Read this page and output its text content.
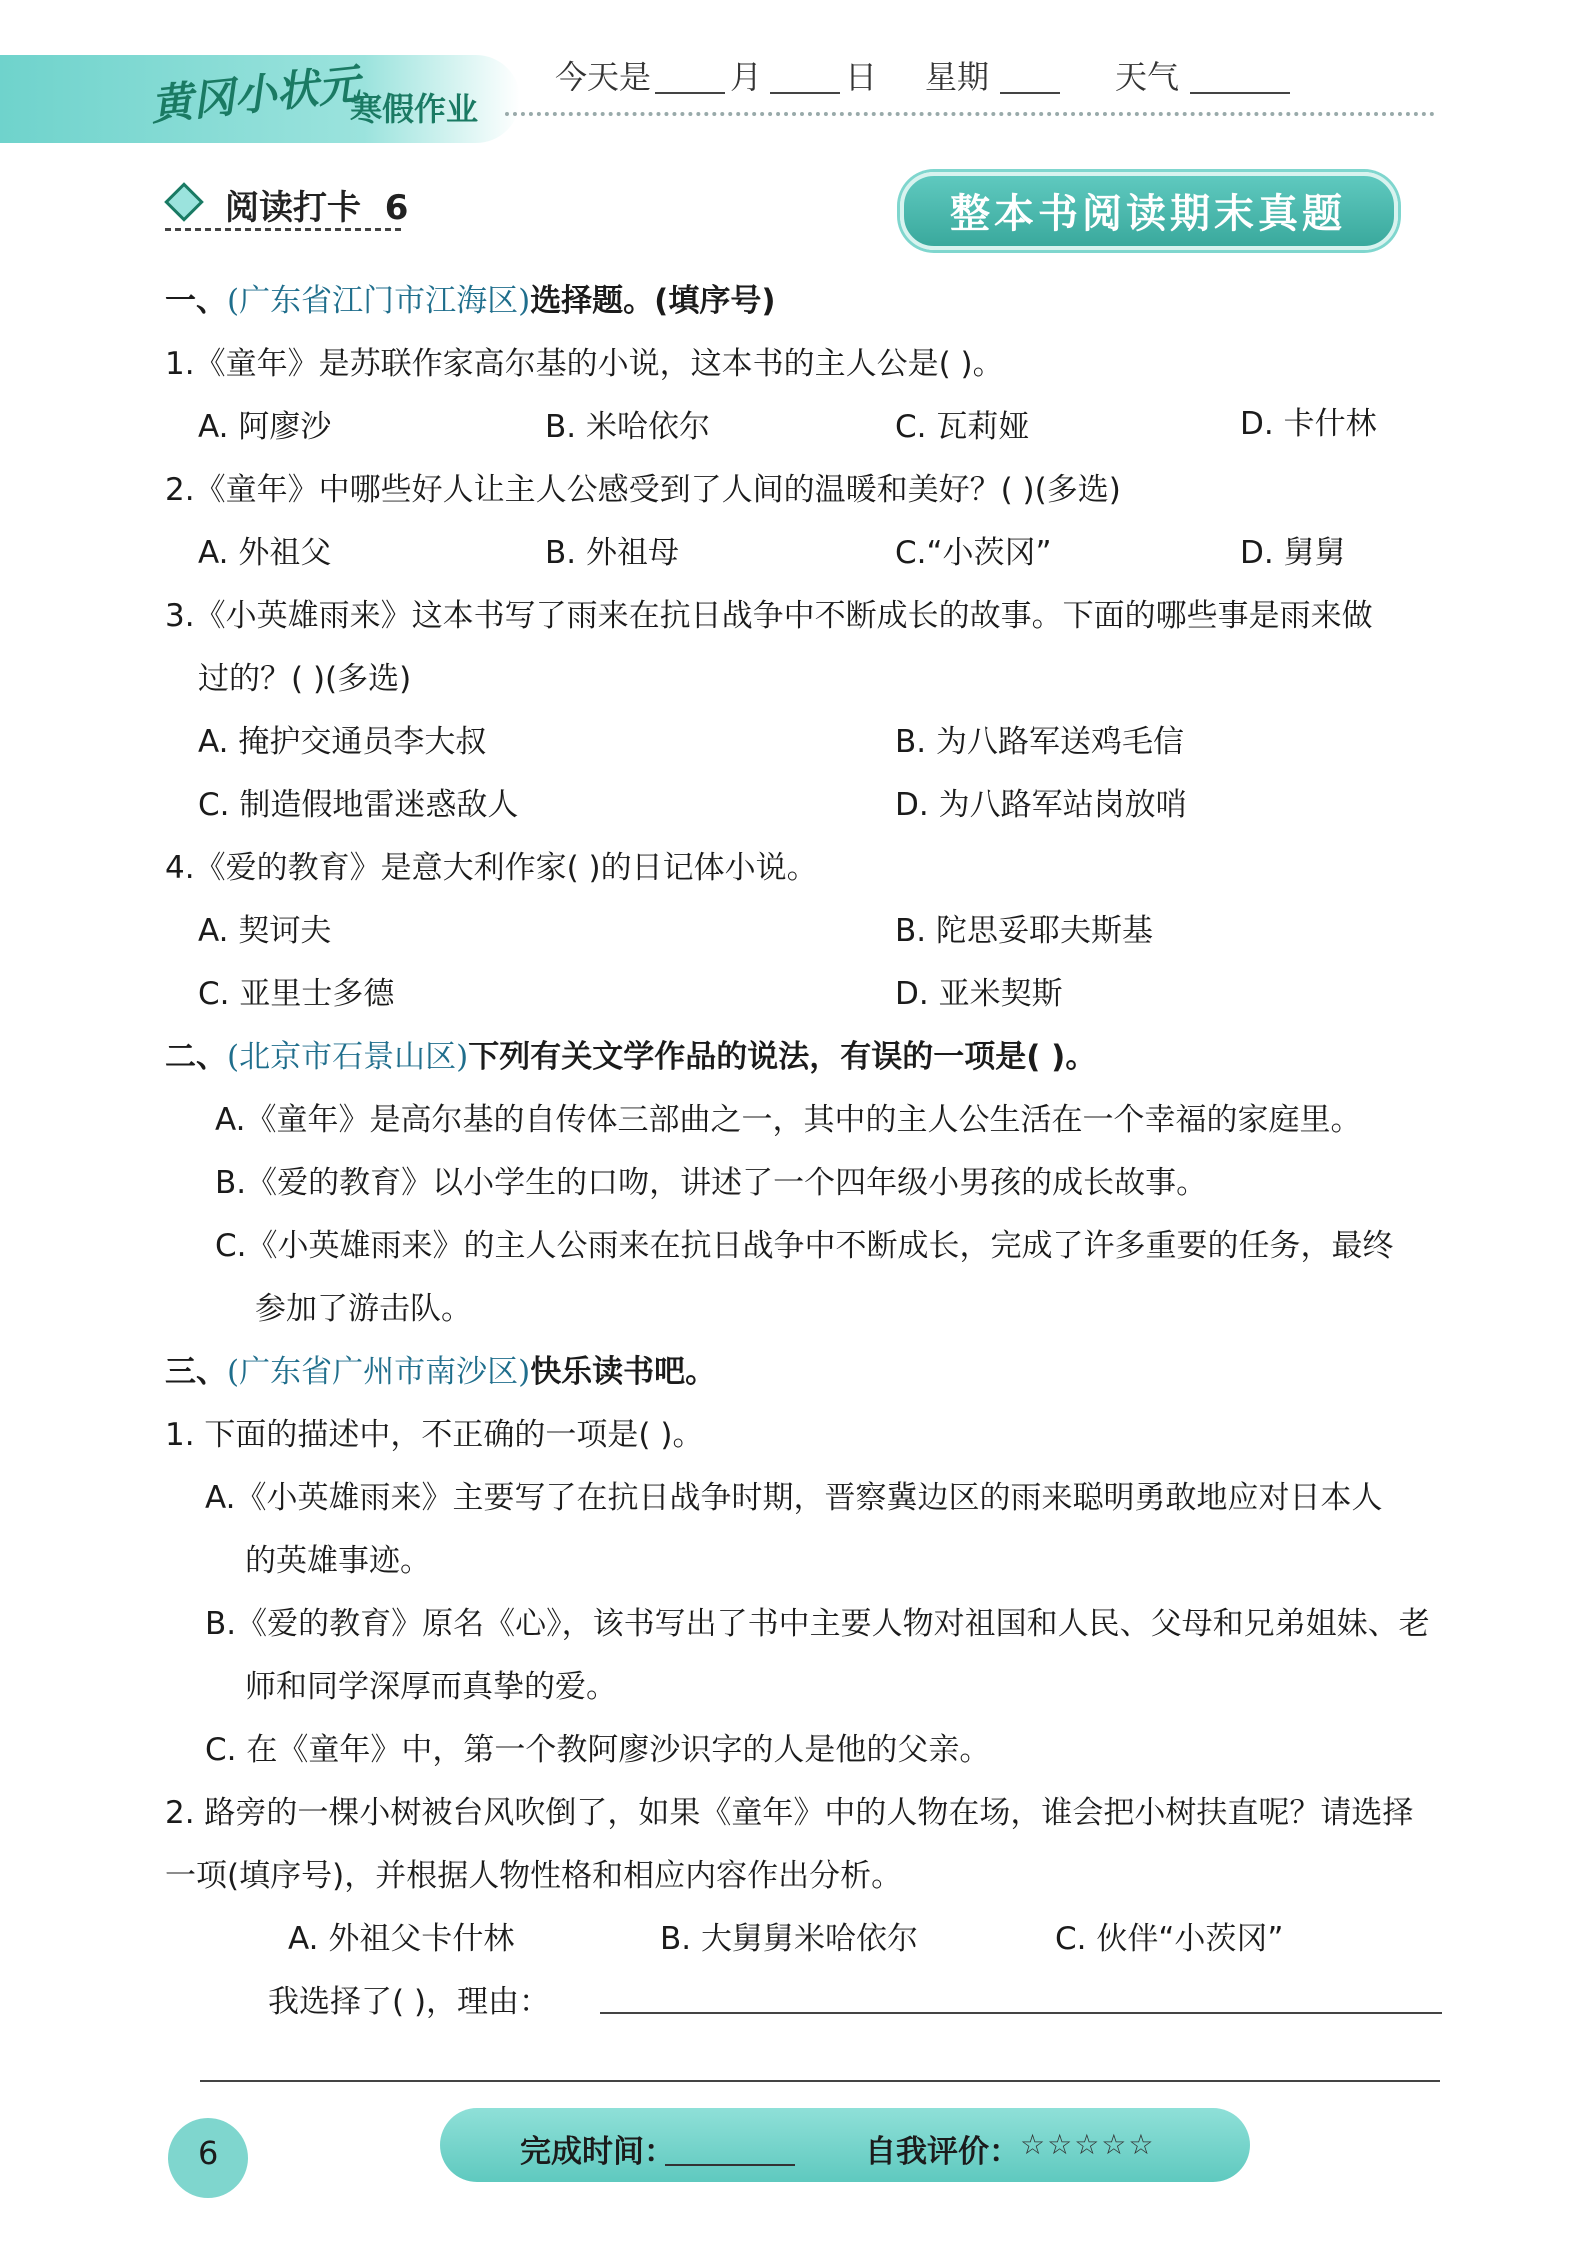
黄冈小状元
寒假作业
今天是 月	日 星期	天气
阅读打卡 6	整本书阅读期末真题
一、(广东省江门市江海区)选择题。(填序号)
1.《童年》是苏联作家高尔基的小说，这本书的主人公是( )。
A. 阿廖沙	B. 米哈依尔	C. 瓦莉娅	D. 卡什林
2.《童年》中哪些好人让主人公感受到了人间的温暖和美好？( )(多选)
A. 外祖父	B. 外祖母	C.“小茨冈”	D. 舅舅
3.《小英雄雨来》这本书写了雨来在抗日战争中不断成长的故事。下面的哪些事是雨来做
过的？( )(多选)
A. 掩护交通员李大叔	B. 为八路军送鸡毛信
C. 制造假地雷迷惑敌人	D. 为八路军站岗放哨
4.《爱的教育》是意大利作家( )的日记体小说。
A. 契诃夫	B. 陀思妥耶夫斯基
C. 亚里士多德	D. 亚米契斯
二、(北京市石景山区)下列有关文学作品的说法，有误的一项是( )。
A.《童年》是高尔基的自传体三部曲之一，其中的主人公生活在一个幸福的家庭里。
B.《爱的教育》以小学生的口吻，讲述了一个四年级小男孩的成长故事。
C.《小英雄雨来》的主人公雨来在抗日战争中不断成长，完成了许多重要的任务，最终
参加了游击队。
三、(广东省广州市南沙区)快乐读书吧。
1. 下面的描述中，不正确的一项是( )。
A.《小英雄雨来》主要写了在抗日战争时期，晋察冀边区的雨来聪明勇敢地应对日本人
的英雄事迹。
B.《爱的教育》原名《心》，该书写出了书中主要人物对祖国和人民、父母和兄弟姐妹、老
师和同学深厚而真挚的爱。
C. 在《童年》中，第一个教阿廖沙识字的人是他的父亲。
2. 路旁的一棵小树被台风吹倒了，如果《童年》中的人物在场，谁会把小树扶直呢？请选择
一项(填序号)，并根据人物性格和相应内容作出分析。
A. 外祖父卡什林	B. 大舅舅米哈依尔	C. 伙伴“小茨冈”
我选择了( )，理由：
6	完成时间：	自我评价： ☆☆☆☆☆
